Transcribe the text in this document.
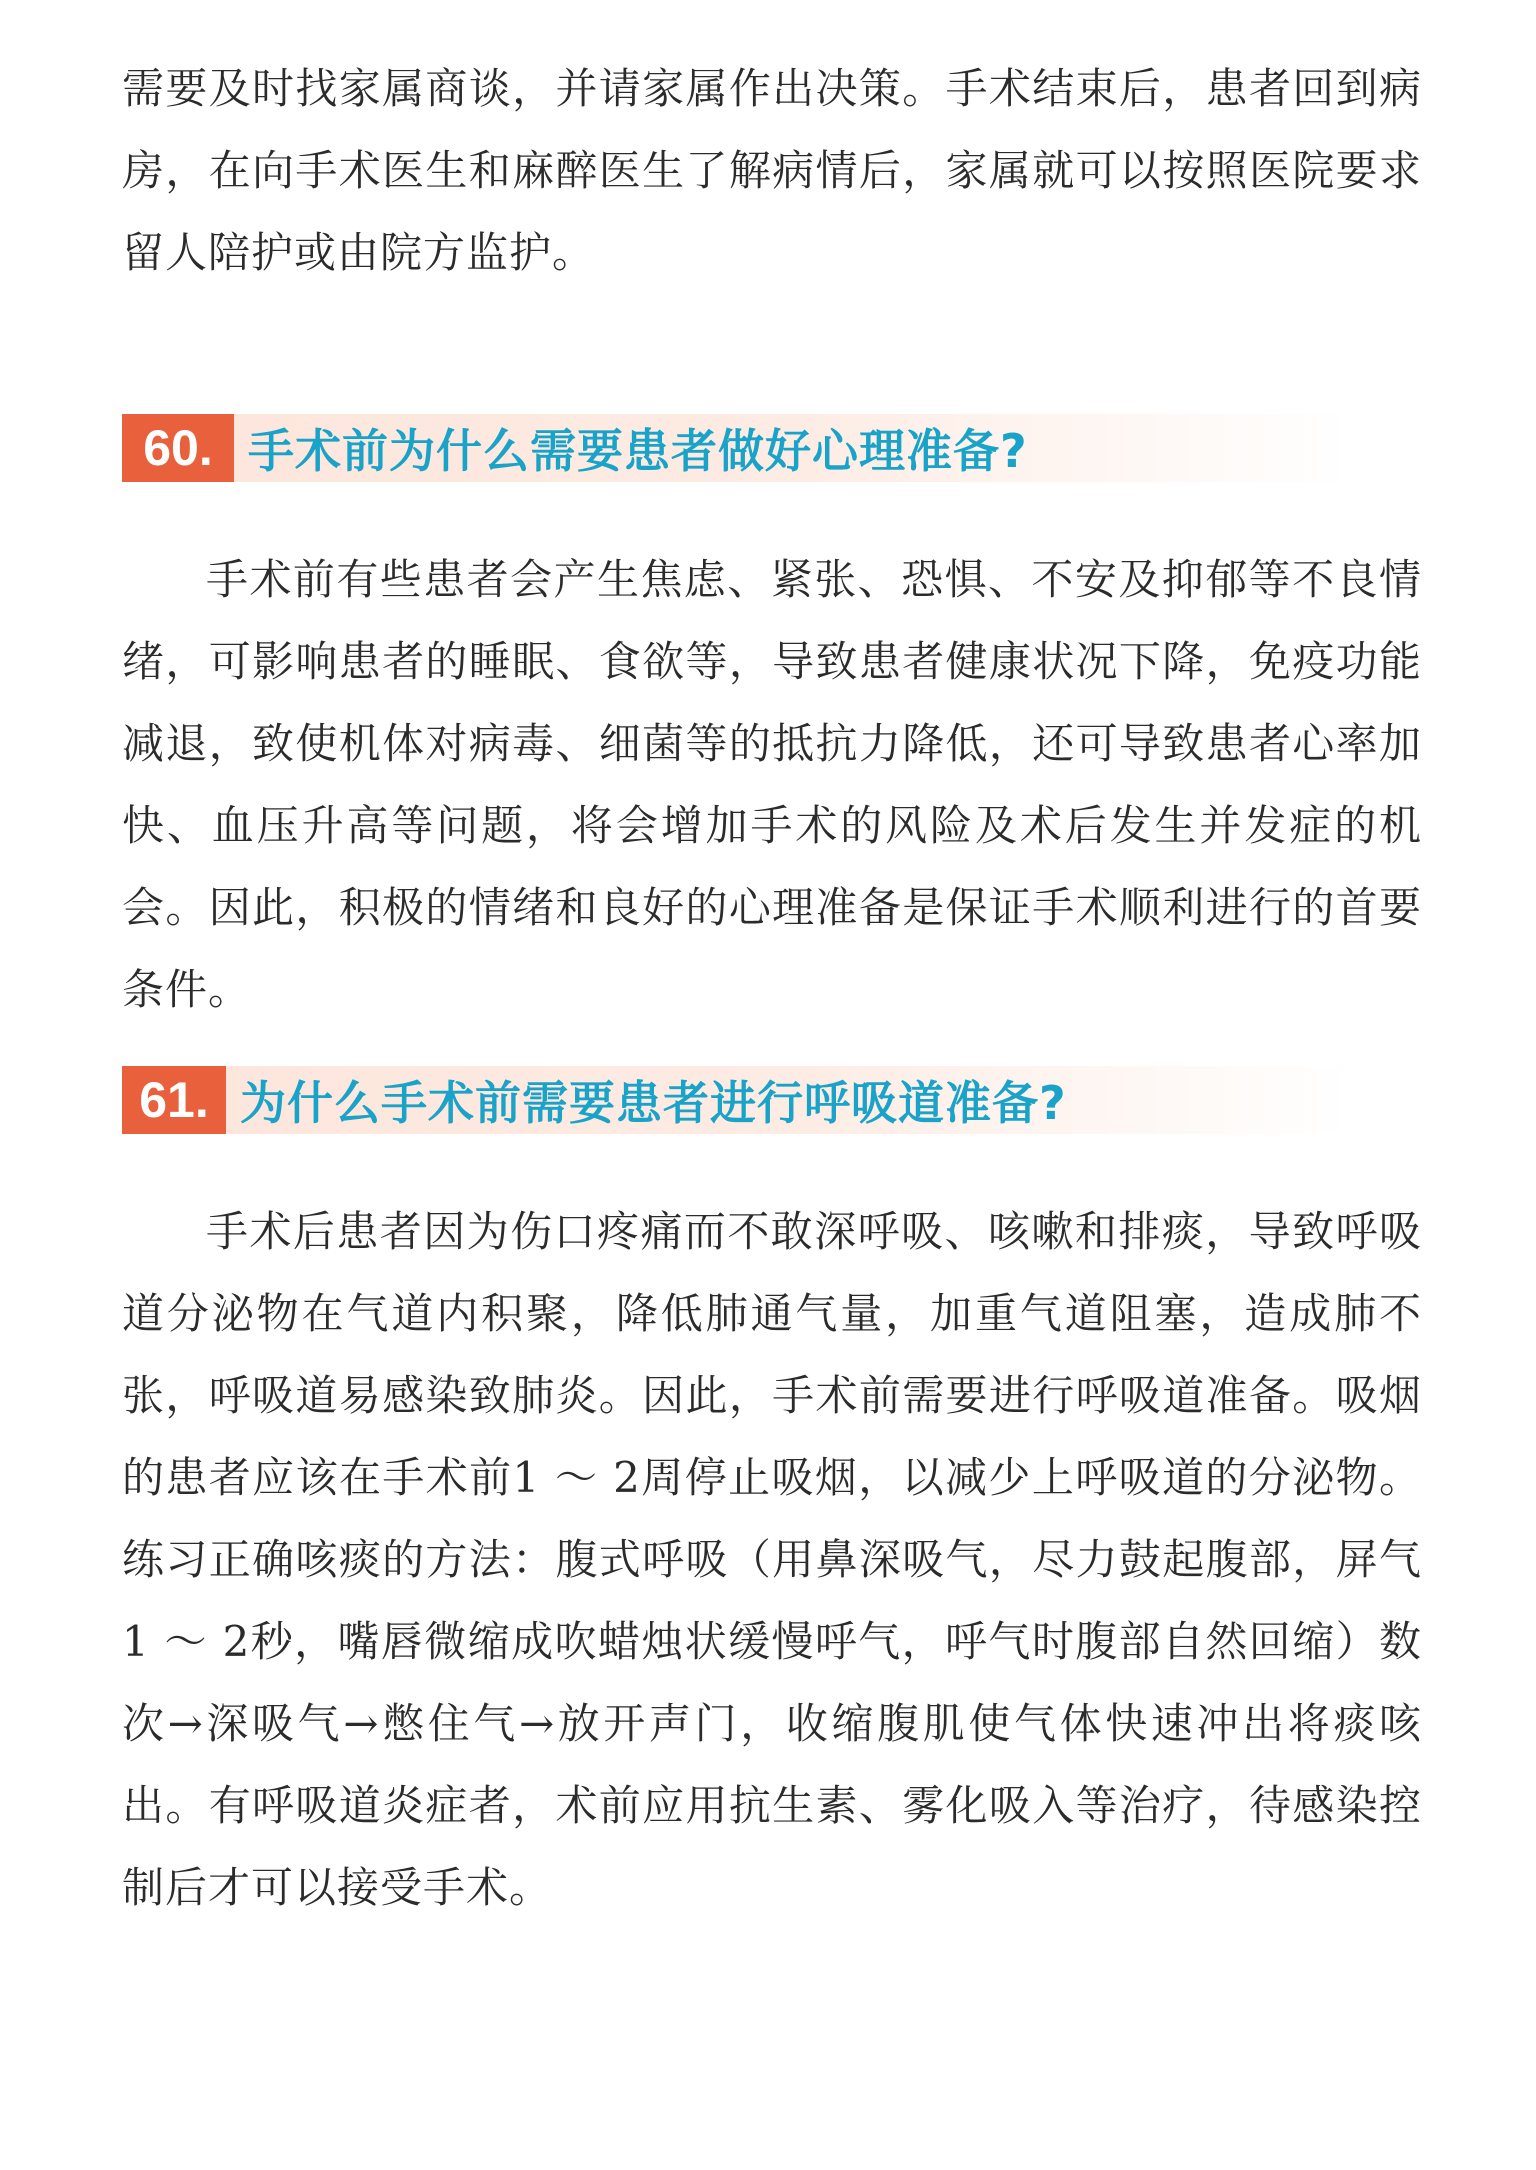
需要及时找家属商谈，并请家属作出决策。手术结束后，患者回到病房，在向手术医生和麻醉医生了解病情后，家属就可以按照医院要求留人陪护或由院方监护。

60. 手术前为什么需要患者做好心理准备?

手术前有些患者会产生焦虑、紧张、恐惧、不安及抑郁等不良情绪，可影响患者的睡眠、食欲等，导致患者健康状况下降，免疫功能减退，致使机体对病毒、细菌等的抵抗力降低，还可导致患者心率加快、血压升高等问题，将会增加手术的风险及术后发生并发症的机会。因此，积极的情绪和良好的心理准备是保证手术顺利进行的首要条件。

61. 为什么手术前需要患者进行呼吸道准备?

手术后患者因为伤口疼痛而不敢深呼吸、咳嗽和排痰，导致呼吸道分泌物在气道内积聚，降低肺通气量，加重气道阻塞，造成肺不张，呼吸道易感染致肺炎。因此，手术前需要进行呼吸道准备。吸烟的患者应该在手术前1 ～ 2周停止吸烟，以减少上呼吸道的分泌物。练习正确咳痰的方法：腹式呼吸（用鼻深吸气，尽力鼓起腹部，屏气1 ～ 2秒，嘴唇微缩成吹蜡烛状缓慢呼气，呼气时腹部自然回缩）数次→深吸气→憋住气→放开声门，收缩腹肌使气体快速冲出将痰咳出。有呼吸道炎症者，术前应用抗生素、雾化吸入等治疗，待感染控制后才可以接受手术。
